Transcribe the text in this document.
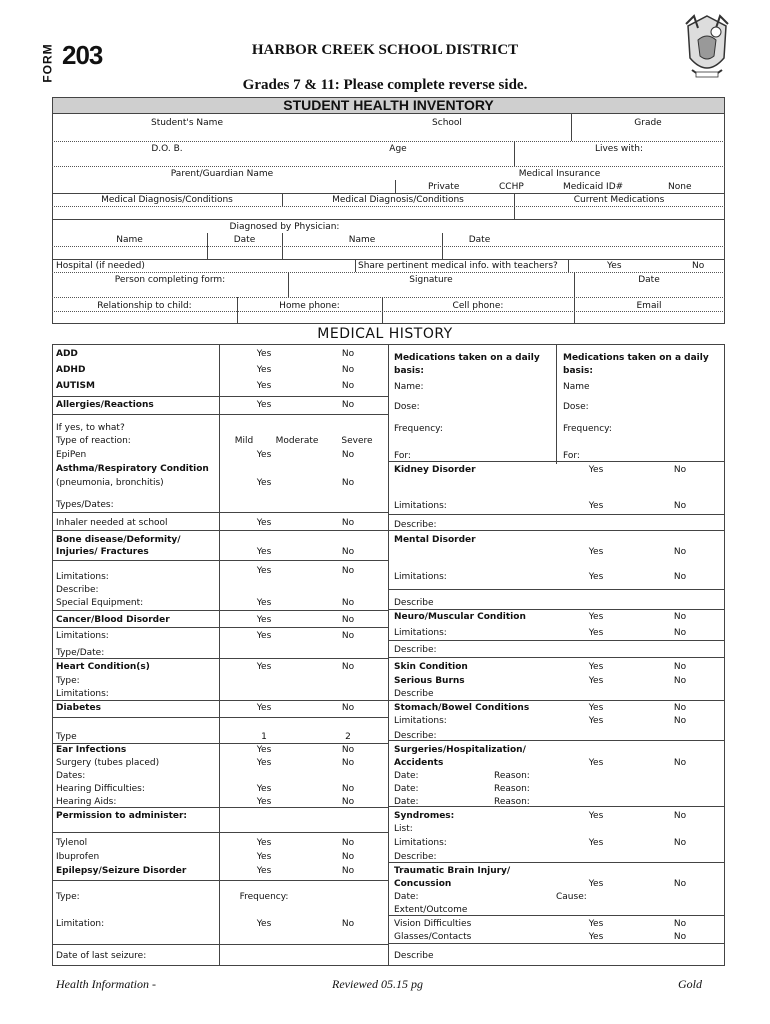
FORM 203	HARBOR CREEK SCHOOL DISTRICT
Grades 7 & 11: Please complete reverse side.
STUDENT HEALTH INVENTORY
Student's Name	School	Grade
D.O. B.	Age	Lives with:
Parent/Guardian Name	Medical Insurance
Private	CCHP	Medicaid ID#	None
Medical Diagnosis/Conditions	Medical Diagnosis/Conditions	Current Medications
Diagnosed by Physician:
Name	Date	Name	Date
Hospital (if needed)	Share pertinent medical info. with teachers?	Yes	No
Person completing form:	Signature	Date
Relationship to child:	Home phone:	Cell phone:	Email
MEDICAL HISTORY
ADD	Yes	No
ADHD	Yes	No
AUTISM	Yes	No
Allergies/Reactions	Yes	No
If yes, to what?
Type of reaction:	Mild	Moderate	Severe
EpiPen	Yes	No
Asthma/Respiratory Condition
(pneumonia, bronchitis)	Yes	No
Types/Dates:
Inhaler needed at school	Yes	No
Bone disease/Deformity/
Injuries/ Fractures	Yes	No
Yes	No
Limitations:
Describe:
Special Equipment:	Yes	No
Cancer/Blood Disorder	Yes	No
Limitations:	Yes	No
Type/Date:
Heart Condition(s)	Yes	No
Type:
Limitations:
Diabetes	Yes	No
Type	1	2
Ear Infections	Yes	No
Surgery (tubes placed)	Yes	No
Dates:
Hearing Difficulties:	Yes	No
Hearing Aids:	Yes	No
Permission to administer:
Tylenol	Yes	No
Ibuprofen	Yes	No
Epilepsy/Seizure Disorder	Yes	No
Type:	Frequency:
Limitation:	Yes	No
Date of last seizure:
Medications taken on a daily	Medications taken on a daily
basis:	basis:
Name:	Name
Dose:	Dose:
Frequency:	Frequency:
For:	For:
Kidney Disorder	Yes	No
Limitations:	Yes	No
Describe:
Mental Disorder
Yes	No
Limitations:	Yes	No
Describe
Neuro/Muscular Condition	Yes	No
Limitations:	Yes	No
Describe:
Skin Condition	Yes	No
Serious Burns	Yes	No
Describe
Stomach/Bowel Conditions	Yes	No
Limitations:	Yes	No
Describe:
Surgeries/Hospitalization/
Accidents	Yes	No
Date:	Reason:
Date:	Reason:
Date:	Reason:
Syndromes:	Yes	No
List:
Limitations:	Yes	No
Describe:
Traumatic Brain Injury/
Concussion	Yes	No
Date:	Cause:
Extent/Outcome
Vision Difficulties	Yes	No
Glasses/Contacts	Yes	No
Describe
Health Information -	Reviewed 05.15 pg	Gold
